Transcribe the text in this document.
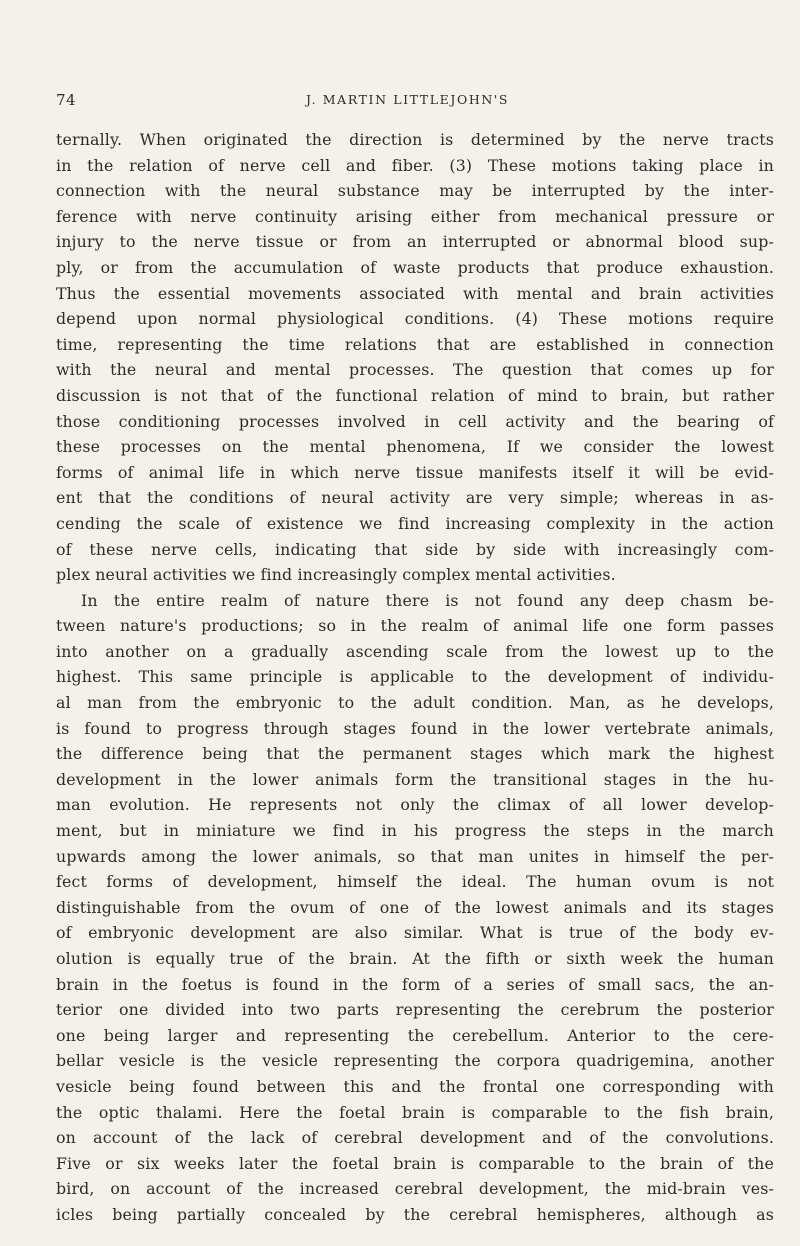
74	J. MARTIN LITTLEJOHN'S
ternally. When originated the direction is determined by the nerve tracts
in the relation of nerve cell and fiber. (3) These motions taking place in
connection with the neural substance may be interrupted by the inter-
ference with nerve continuity arising either from mechanical pressure or
injury to the nerve tissue or from an interrupted or abnormal blood sup-
ply, or from the accumulation of waste products that produce exhaustion.
Thus the essential movements associated with mental and brain activities
depend upon normal physiological conditions. (4) These motions require
time, representing the time relations that are established in connection
with the neural and mental processes. The question that comes up for
discussion is not that of the functional relation of mind to brain, but rather
those conditioning processes involved in cell activity and the bearing of
these processes on the mental phenomena, If we consider the lowest
forms of animal life in which nerve tissue manifests itself it will be evid-
ent that the conditions of neural activity are very simple; whereas in as-
cending the scale of existence we find increasing complexity in the action
of these nerve cells, indicating that side by side with increasingly com-
plex neural activities we find increasingly complex mental activities.
In the entire realm of nature there is not found any deep chasm be-
tween nature's productions; so in the realm of animal life one form passes
into another on a gradually ascending scale from the lowest up to the
highest. This same principle is applicable to the development of individu-
al man from the embryonic to the adult condition. Man, as he develops,
is found to progress through stages found in the lower vertebrate animals,
the difference being that the permanent stages which mark the highest
development in the lower animals form the transitional stages in the hu-
man evolution. He represents not only the climax of all lower develop-
ment, but in miniature we find in his progress the steps in the march
upwards among the lower animals, so that man unites in himself the per-
fect forms of development, himself the ideal. The human ovum is not
distinguishable from the ovum of one of the lowest animals and its stages
of embryonic development are also similar. What is true of the body ev-
olution is equally true of the brain. At the fifth or sixth week the human
brain in the foetus is found in the form of a series of small sacs, the an-
terior one divided into two parts representing the cerebrum the posterior
one being larger and representing the cerebellum. Anterior to the cere-
bellar vesicle is the vesicle representing the corpora quadrigemina, another
vesicle being found between this and the frontal one corresponding with
the optic thalami. Here the foetal brain is comparable to the fish brain,
on account of the lack of cerebral development and of the convolutions.
Five or six weeks later the foetal brain is comparable to the brain of the
bird, on account of the increased cerebral development, the mid-brain ves-
icles being partially concealed by the cerebral hemispheres, although as
